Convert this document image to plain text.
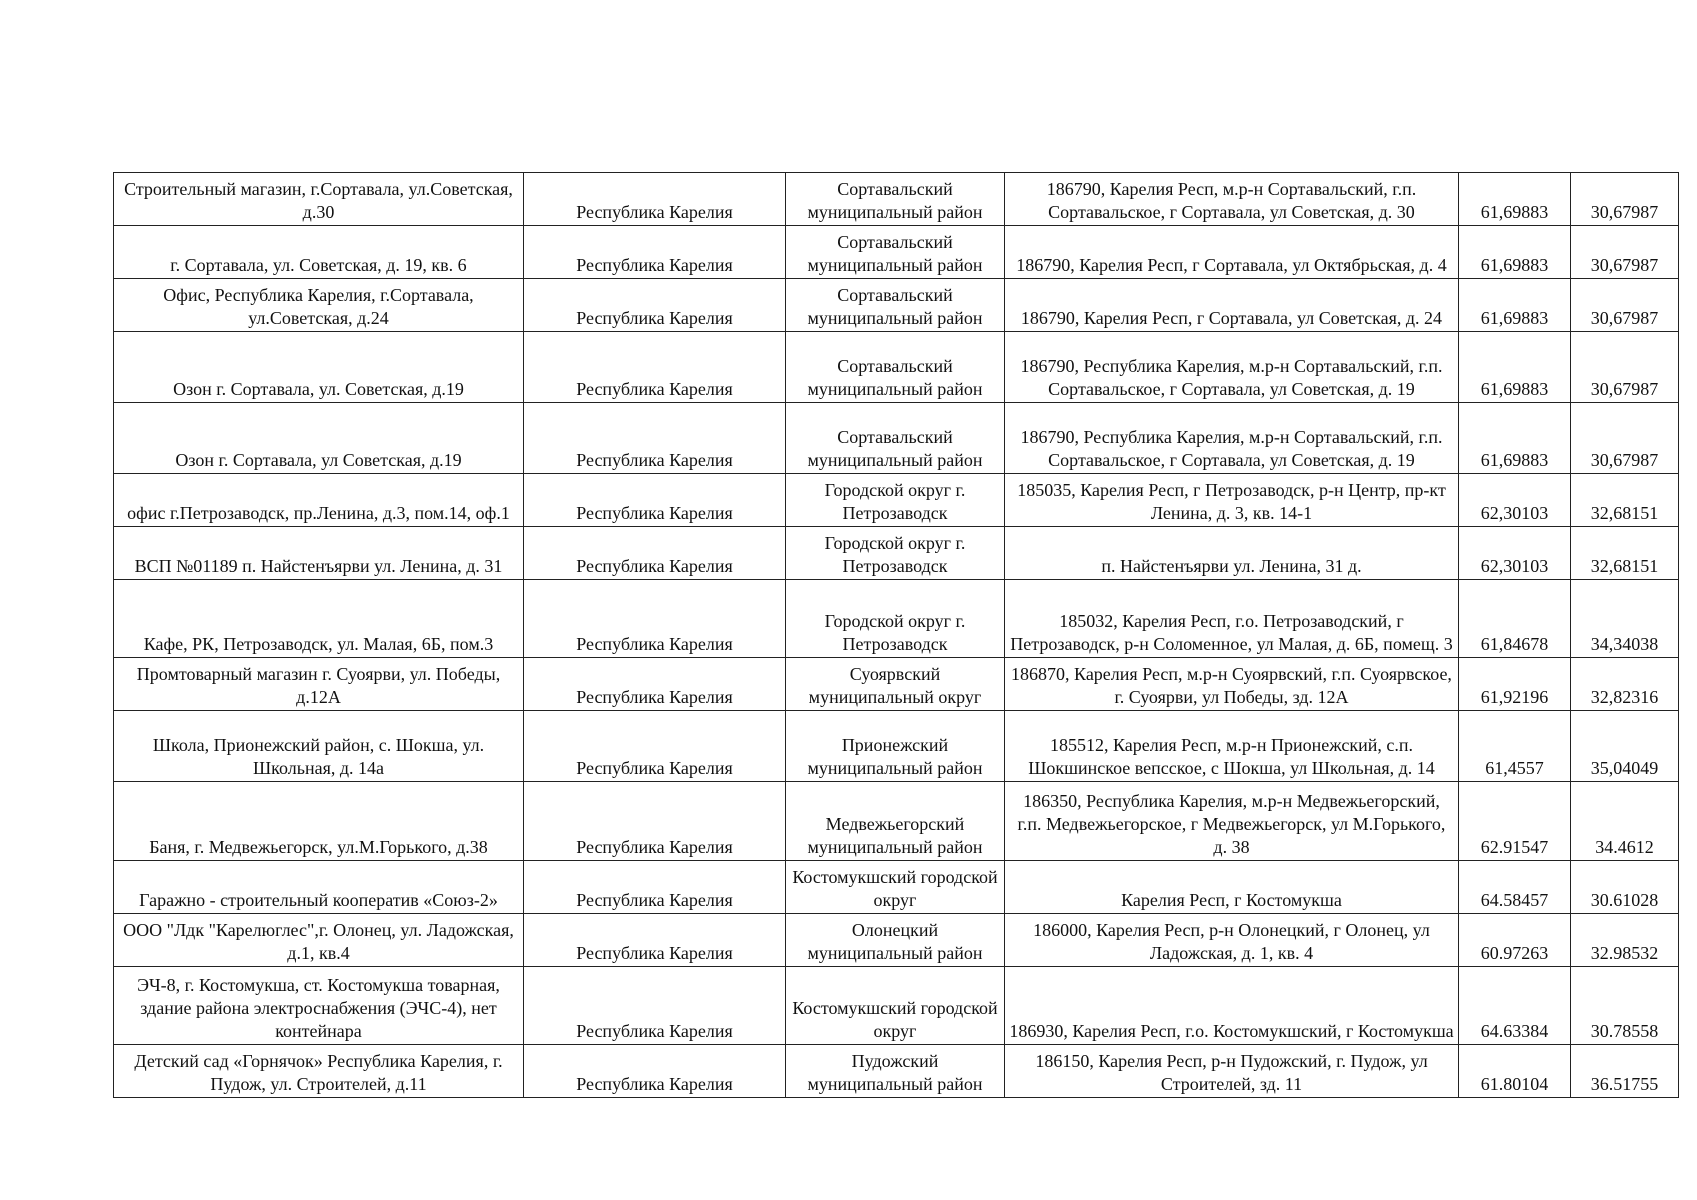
Строительный магазин, г.Сортавала, ул.Советская, д.30	Республика Карелия	Сортавальский муниципальный район	186790, Карелия Респ, м.р-н Сортавальский, г.п. Сортавальское, г Сортавала, ул Советская, д. 30	61,69883	30,67987
г. Сортавала, ул. Советская, д. 19, кв. 6	Республика Карелия	Сортавальский муниципальный район	186790, Карелия Респ, г Сортавала, ул Октябрьская, д. 4	61,69883	30,67987
Офис, Республика Карелия, г.Сортавала, ул.Советская, д.24	Республика Карелия	Сортавальский муниципальный район	186790, Карелия Респ, г Сортавала, ул Советская, д. 24	61,69883	30,67987
Озон г. Сортавала, ул. Советская, д.19	Республика Карелия	Сортавальский муниципальный район	186790, Республика Карелия, м.р-н Сортавальский, г.п. Сортавальское, г Сортавала, ул Советская, д. 19	61,69883	30,67987
Озон г. Сортавала, ул Советская, д.19	Республика Карелия	Сортавальский муниципальный район	186790, Республика Карелия, м.р-н Сортавальский, г.п. Сортавальское, г Сортавала, ул Советская, д. 19	61,69883	30,67987
офис г.Петрозаводск, пр.Ленина, д.3, пом.14, оф.1	Республика Карелия	Городской округ г. Петрозаводск	185035, Карелия Респ, г Петрозаводск, р-н Центр, пр-кт Ленина, д. 3, кв. 14-1	62,30103	32,68151
ВСП №01189 п. Найстенъярви ул. Ленина, д. 31	Республика Карелия	Городской округ г. Петрозаводск	п. Найстенъярви ул. Ленина, 31 д.	62,30103	32,68151
Кафе, РК, Петрозаводск, ул. Малая, 6Б, пом.3	Республика Карелия	Городской округ г. Петрозаводск	185032, Карелия Респ, г.о. Петрозаводский, г Петрозаводск, р-н Соломенное, ул Малая, д. 6Б, помещ. 3	61,84678	34,34038
Промтоварный магазин г. Суоярви, ул. Победы, д.12А	Республика Карелия	Суоярвский муниципальный округ	186870, Карелия Респ, м.р-н Суоярвский, г.п. Суоярвское, г. Суоярви, ул Победы, зд. 12А	61,92196	32,82316
Школа, Прионежский район, с. Шокша, ул. Школьная, д. 14а	Республика Карелия	Прионежский муниципальный район	185512, Карелия Респ, м.р-н Прионежский, с.п. Шокшинское вепсское, с Шокша, ул Школьная, д. 14	61,4557	35,04049
Баня, г. Медвежьегорск, ул.М.Горького, д.38	Республика Карелия	Медвежьегорский муниципальный район	186350, Республика Карелия, м.р-н Медвежьегорский, г.п. Медвежьегорское, г Медвежьегорск, ул М.Горького, д. 38	62.91547	34.4612
Гаражно - строительный кооператив «Союз-2»	Республика Карелия	Костомукшский городской округ	Карелия Респ, г Костомукша	64.58457	30.61028
ООО "Лдк "Карелюглес",г. Олонец, ул. Ладожская, д.1, кв.4	Республика Карелия	Олонецкий муниципальный район	186000, Карелия Респ, р-н Олонецкий, г Олонец, ул Ладожская, д. 1, кв. 4	60.97263	32.98532
ЭЧ-8, г. Костомукша, ст. Костомукша товарная, здание района электроснабжения (ЭЧС-4), нет контейнара	Республика Карелия	Костомукшский городской округ	186930, Карелия Респ, г.о. Костомукшский, г Костомукша	64.63384	30.78558
Детский сад «Горнячок» Республика Карелия, г. Пудож, ул. Строителей, д.11	Республика Карелия	Пудожский муниципальный район	186150, Карелия Респ, р-н Пудожский, г. Пудож, ул Строителей, зд. 11	61.80104	36.51755
